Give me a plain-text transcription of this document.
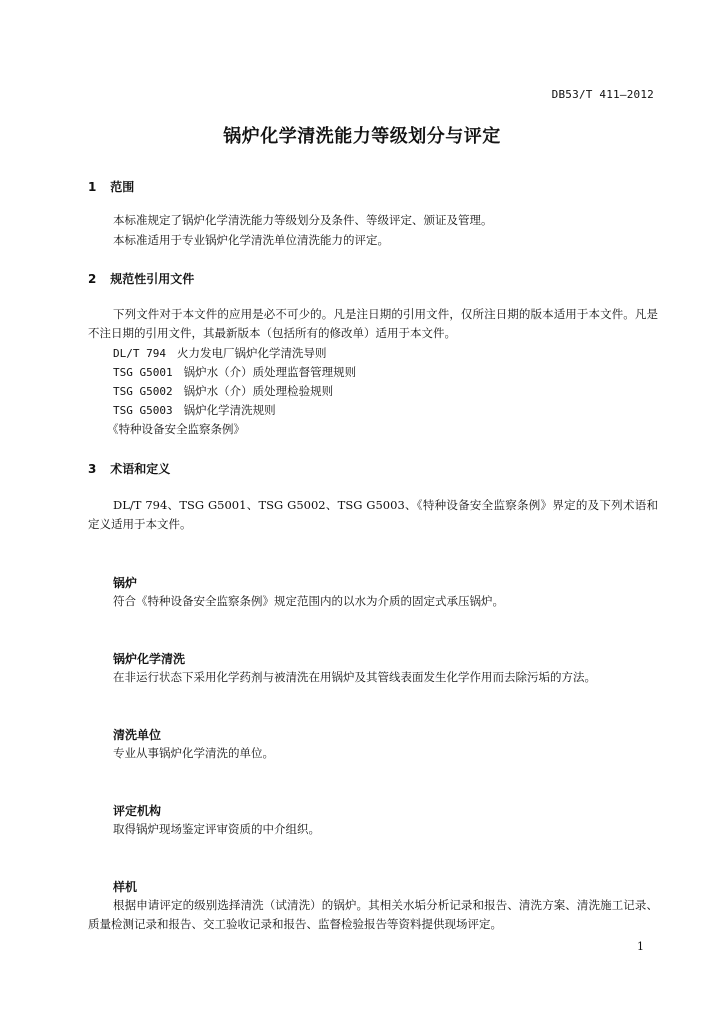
DB53/T 411—2012
锅炉化学清洗能力等级划分与评定
1 范围
本标准规定了锅炉化学清洗能力等级划分及条件、等级评定、颁证及管理。
本标准适用于专业锅炉化学清洗单位清洗能力的评定。
2 规范性引用文件
下列文件对于本文件的应用是必不可少的。凡是注日期的引用文件，仅所注日期的版本适用于本文件。凡是不注日期的引用文件，其最新版本（包括所有的修改单）适用于本文件。
DL/T 794 火力发电厂锅炉化学清洗导则
TSG G5001 锅炉水（介）质处理监督管理规则
TSG G5002 锅炉水（介）质处理检验规则
TSG G5003 锅炉化学清洗规则
《特种设备安全监察条例》
3 术语和定义
DL/T 794、TSG G5001、TSG G5002、TSG G5003、《特种设备安全监察条例》界定的及下列术语和定义适用于本文件。
锅炉
符合《特种设备安全监察条例》规定范围内的以水为介质的固定式承压锅炉。
锅炉化学清洗
在非运行状态下采用化学药剂与被清洗在用锅炉及其管线表面发生化学作用而去除污垢的方法。
清洗单位
专业从事锅炉化学清洗的单位。
评定机构
取得锅炉现场鉴定评审资质的中介组织。
样机
根据申请评定的级别选择清洗（试清洗）的锅炉。其相关水垢分析记录和报告、清洗方案、清洗施工记录、质量检测记录和报告、交工验收记录和报告、监督检验报告等资料提供现场评定。
1
